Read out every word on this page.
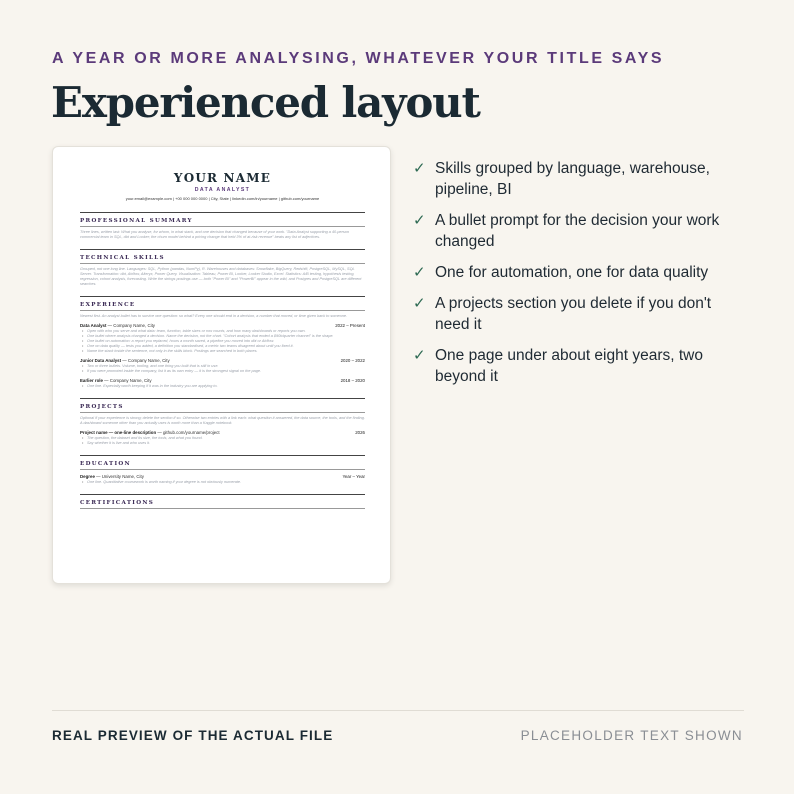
A YEAR OR MORE ANALYSING, WHATEVER YOUR TITLE SAYS
Experienced layout
YOUR NAME
DATA ANALYST
your.email@example.com | +00 000 000 0000 | City, State | linkedin.com/in/yourname | github.com/yourname
PROFESSIONAL SUMMARY
Three lines, written last: What you analyse, for whom, in what stack, and one decision that changed because of your work. "Data Analyst supporting a 40-person commercial team in SQL, dbt and Looker; the churn model behind a pricing change that held 3% of at-risk revenue" beats any list of adjectives.
TECHNICAL SKILLS
Grouped, not one long line. Languages: SQL, Python (pandas, NumPy), R. Warehouses and databases: Snowflake, BigQuery, Redshift, PostgreSQL, MySQL, SQL Server. Transformation: dbt, Airflow, Alteryx, Power Query. Visualisation: Tableau, Power BI, Looker, Looker Studio, Excel. Statistics: A/B testing, hypothesis testing, regression, cohort analysis, forecasting. Write the strings postings use — both "Power BI" and "PowerBI" appear in the wild, and Postgres and PostgreSQL are different searches.
EXPERIENCE
Newest first. An analyst bullet has to survive one question: so what? Every one should end in a decision, a number that moved, or time given back to someone.
Data Analyst — Company Name, City	2022 – Present
• Open with who you serve and what data: team, function, table sizes or row counts, and how many dashboards or reports you own.
• One bullet where analysis changed a decision. Name the decision, not the chart. "Cohort analysis that ended a $90k/quarter channel" is the shape.
• One bullet on automation: a report you replaced, hours a month saved, a pipeline you moved into dbt or Airflow.
• One on data quality — tests you added, a definition you standardised, a metric two teams disagreed about until you fixed it.
• Name the stack inside the sentence, not only in the skills block. Postings are searched in both places.
Junior Data Analyst — Company Name, City	2020 – 2022
• Two or three bullets. Volume, tooling, and one thing you built that is still in use.
• If you were promoted inside the company, list it as its own entry — it is the strongest signal on the page.
Earlier role — Company Name, City	2018 – 2020
• One line. Especially worth keeping if it was in the industry you are applying to.
PROJECTS
Optional if your experience is strong; delete the section if so. Otherwise two entries with a link each: what question it answered, the data source, the tools, and the finding. A dashboard someone other than you actually uses is worth more than a Kaggle notebook.
Project name — one-line description — github.com/yourname/project	2026
• The question, the dataset and its size, the tools, and what you found.
• Say whether it is live and who uses it.
EDUCATION
Degree — University Name, City	Year – Year
• One line. Quantitative coursework is worth naming if your degree is not obviously numerate.
CERTIFICATIONS
✓ Skills grouped by language, warehouse, pipeline, BI
✓ A bullet prompt for the decision your work changed
✓ One for automation, one for data quality
✓ A projects section you delete if you don't need it
✓ One page under about eight years, two beyond it
REAL PREVIEW OF THE ACTUAL FILE	PLACEHOLDER TEXT SHOWN
